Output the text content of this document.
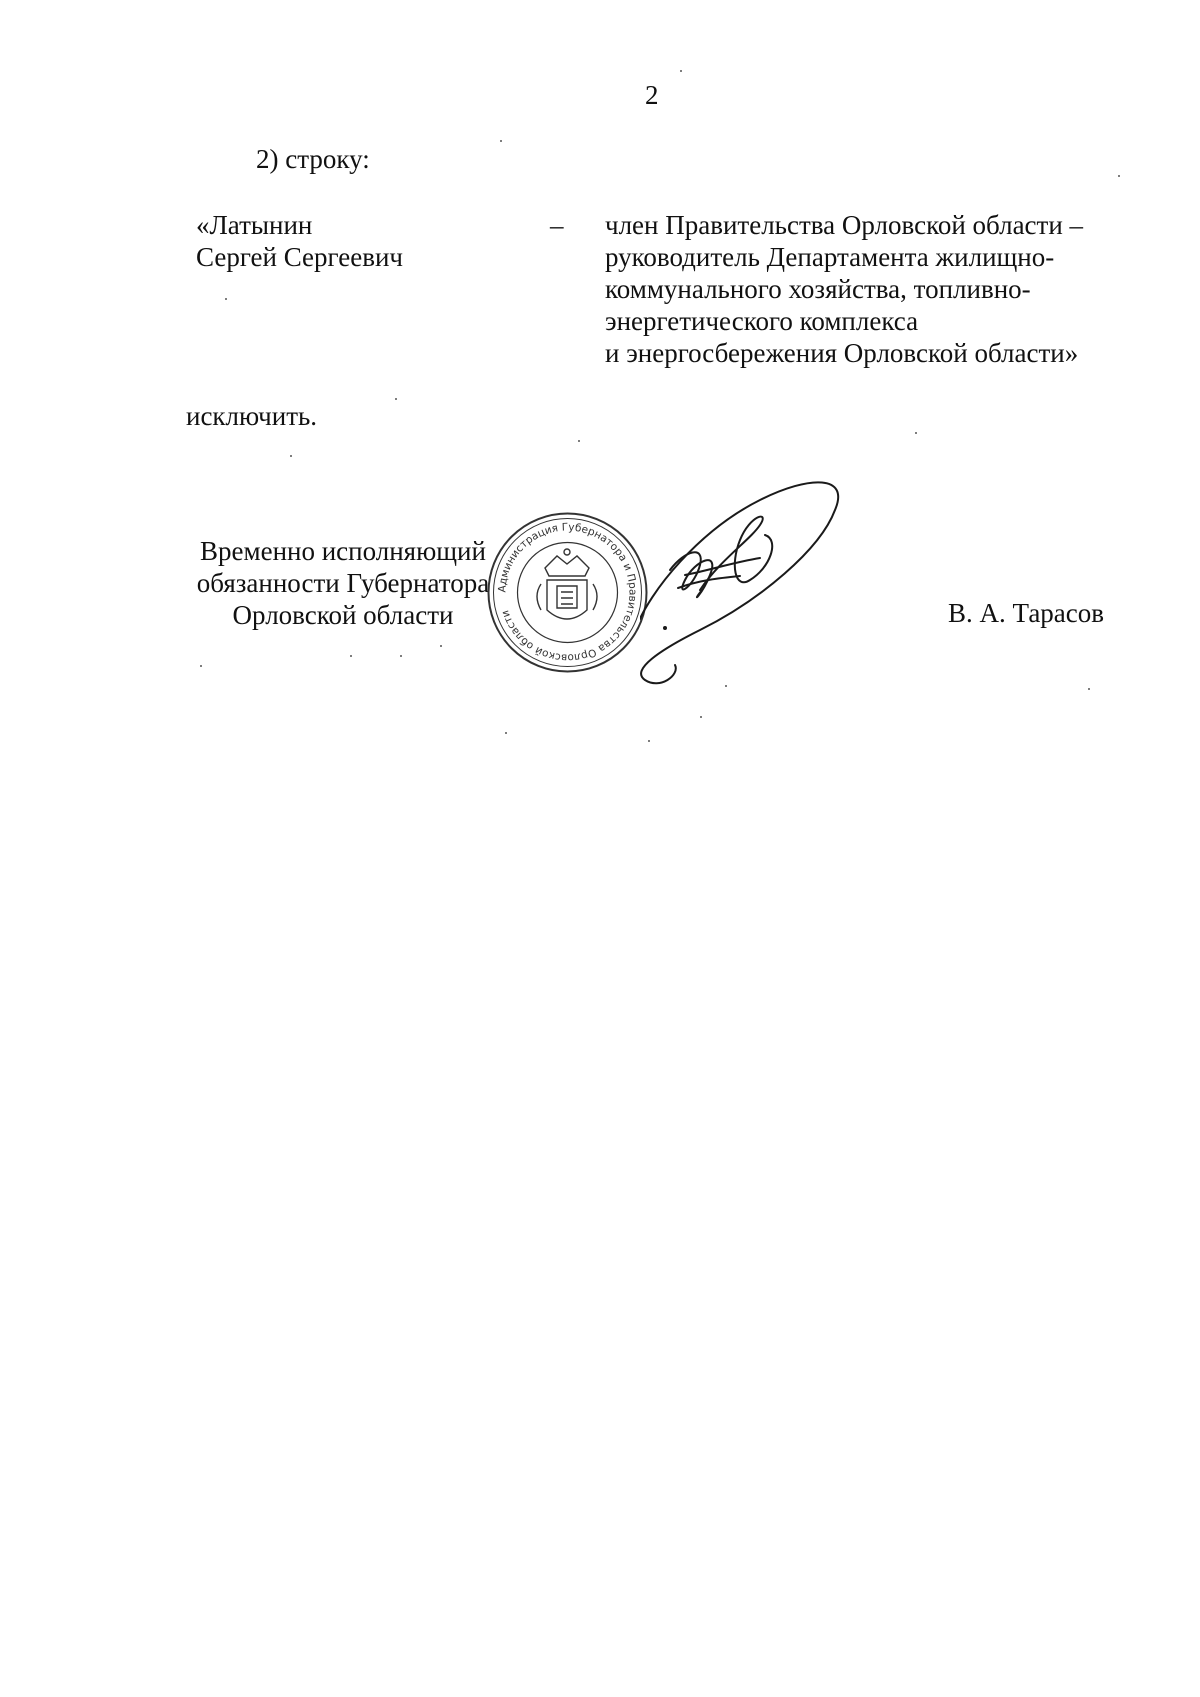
2
2) строку:
«Латынин
Сергей Сергеевич
– член Правительства Орловской области –
руководитель Департамента жилищно-
коммунального хозяйства, топливно-
энергетического комплекса
и энергосбережения Орловской области»
исключить.
Временно исполняющий
обязанности Губернатора
Орловской области
Администрация Губернатора и Правительства Орловской области	В. А. Тарасов
